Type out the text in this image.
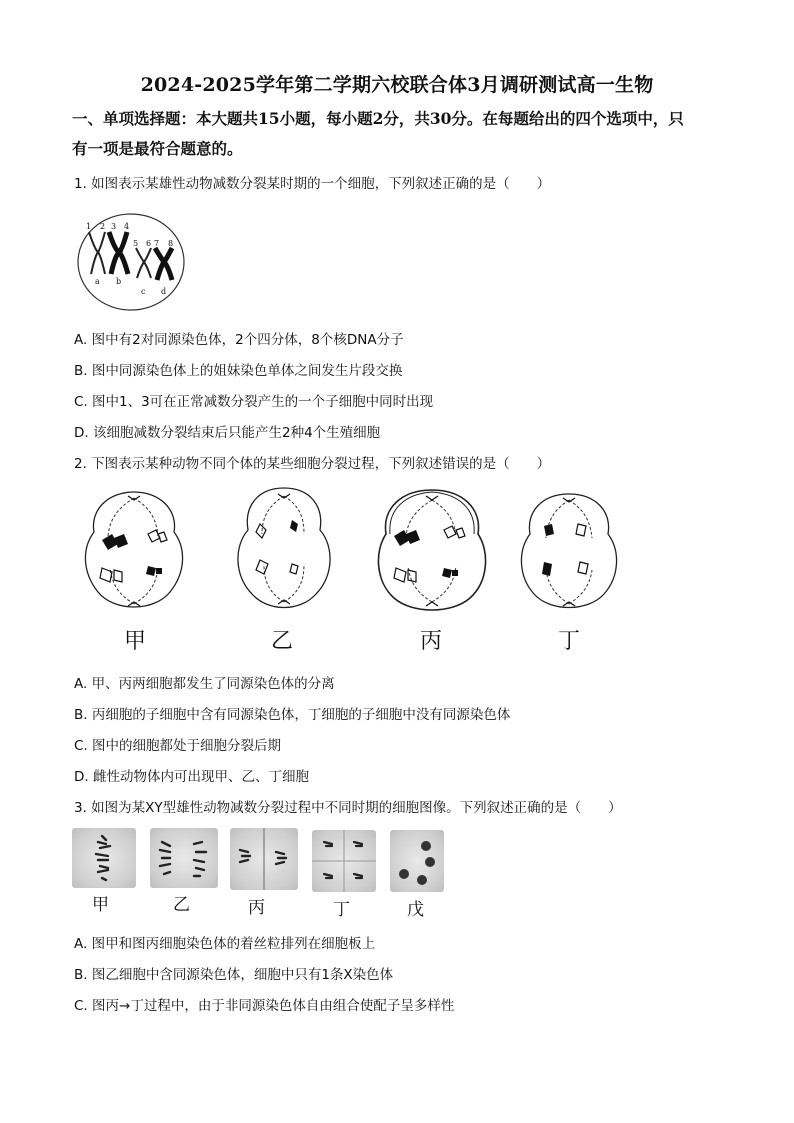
2024-2025学年第二学期六校联合体3月调研测试高一生物
一、单项选择题：本大题共15小题，每小题2分，共30分。在每题给出的四个选项中，只
有一项是最符合题意的。
1. 如图表示某雄性动物减数分裂某时期的一个细胞，下列叙述正确的是（　　）
1 2 3 4
5 6 7 8
a b
c d
A. 图中有2对同源染色体，2个四分体，8个核DNA分子
B. 图中同源染色体上的姐妹染色单体之间发生片段交换
C. 图中1、3可在正常减数分裂产生的一个子细胞中同时出现
D. 该细胞减数分裂结束后只能产生2种4个生殖细胞
2. 下图表示某种动物不同个体的某些细胞分裂过程，下列叙述错误的是（　　）
甲	乙	丙	丁
A. 甲、丙两细胞都发生了同源染色体的分离
B. 丙细胞的子细胞中含有同源染色体，丁细胞的子细胞中没有同源染色体
C. 图中的细胞都处于细胞分裂后期
D. 雌性动物体内可出现甲、乙、丁细胞
3. 如图为某XY型雄性动物减数分裂过程中不同时期的细胞图像。下列叙述正确的是（　　）
甲	乙	丙	丁	戊
A. 图甲和图丙细胞染色体的着丝粒排列在细胞板上
B. 图乙细胞中含同源染色体，细胞中只有1条X染色体
C. 图丙→丁过程中，由于非同源染色体自由组合使配子呈多样性
